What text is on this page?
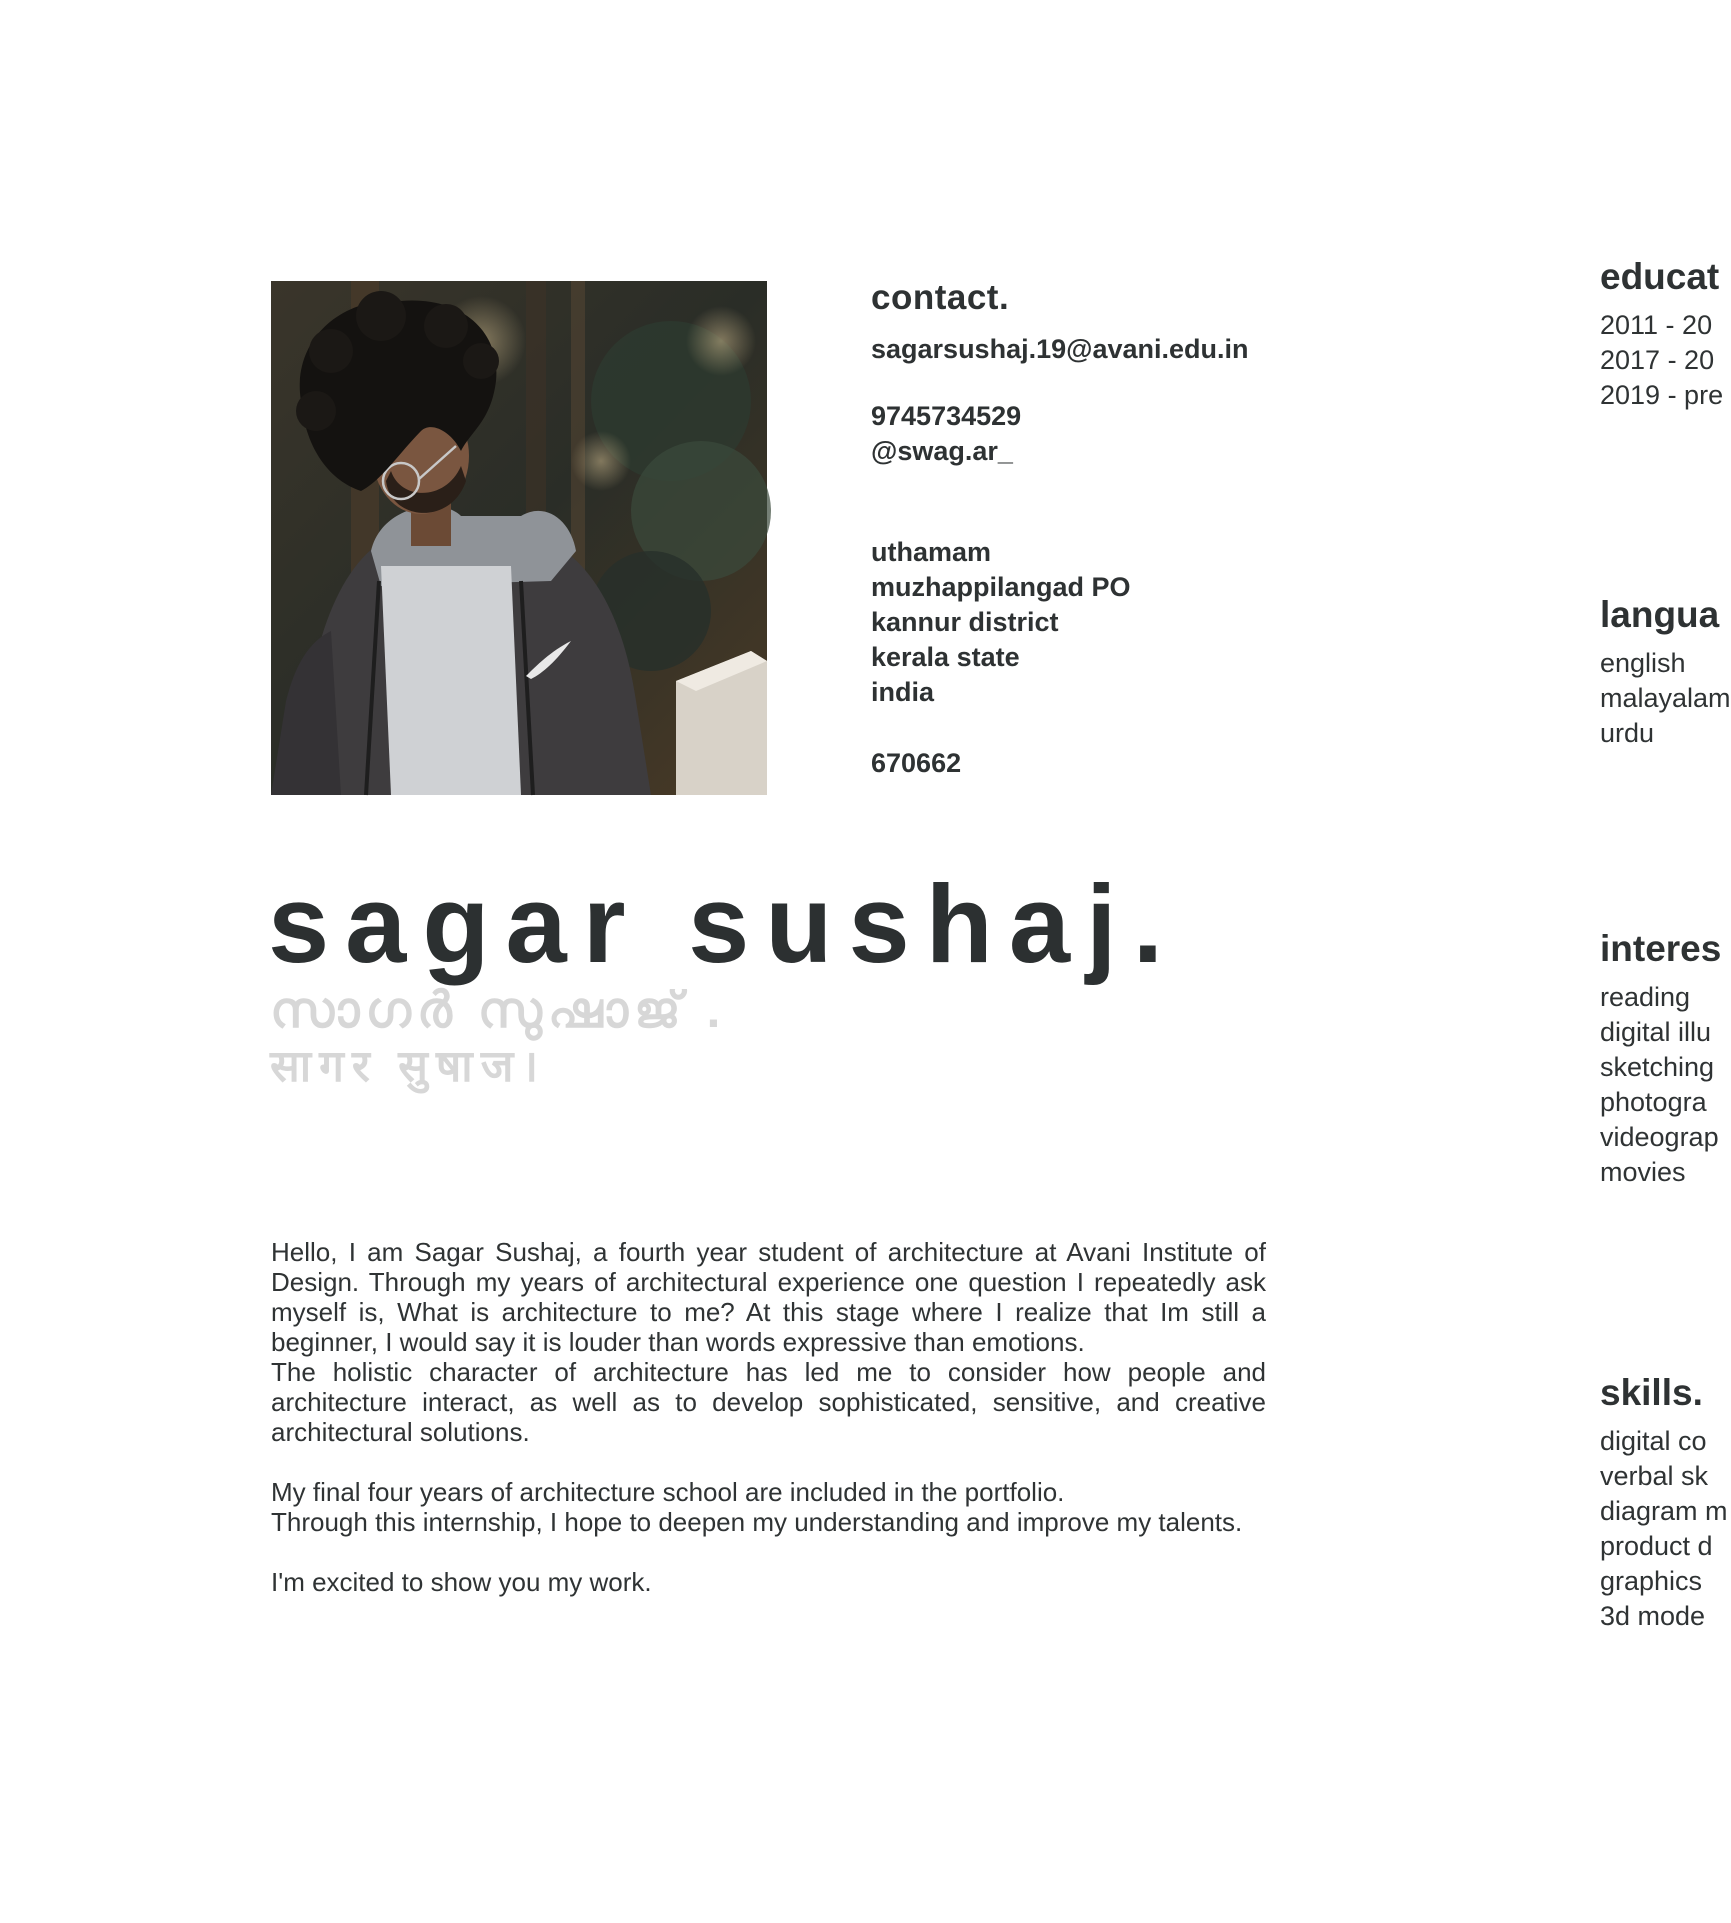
contact.
sagarsushaj.19@avani.edu.in
9745734529
@swag.ar_
uthamam
muzhappilangad PO
kannur district
kerala state
india
670662
sagar sushaj.
സാഗർ സുഷാജ് .
सागर सुषाज।

Hello, I am Sagar Sushaj, a fourth year student of architecture at Avani Institute of Design. Through my years of architectural experience one question I repeatedly ask myself is, What is architecture to me? At this stage where I realize that Im still a beginner, I would say it is louder than words expressive than emotions.

The holistic character of architecture has led me to consider how people and architecture interact, as well as to develop sophisticated, sensitive, and creative architectural solutions.

My final four years of architecture school are included in the portfolio.

Through this internship, I hope to deepen my understanding and improve my talents.

I'm excited to show you my work.

educat
2011 - 20
2017 - 20
2019 - pre
langua
english
malayalam
urdu
interes
reading
digital illu
sketching
photogra
videograp
movies
skills.
digital co
verbal sk
diagram m
product d
graphics
3d mode
